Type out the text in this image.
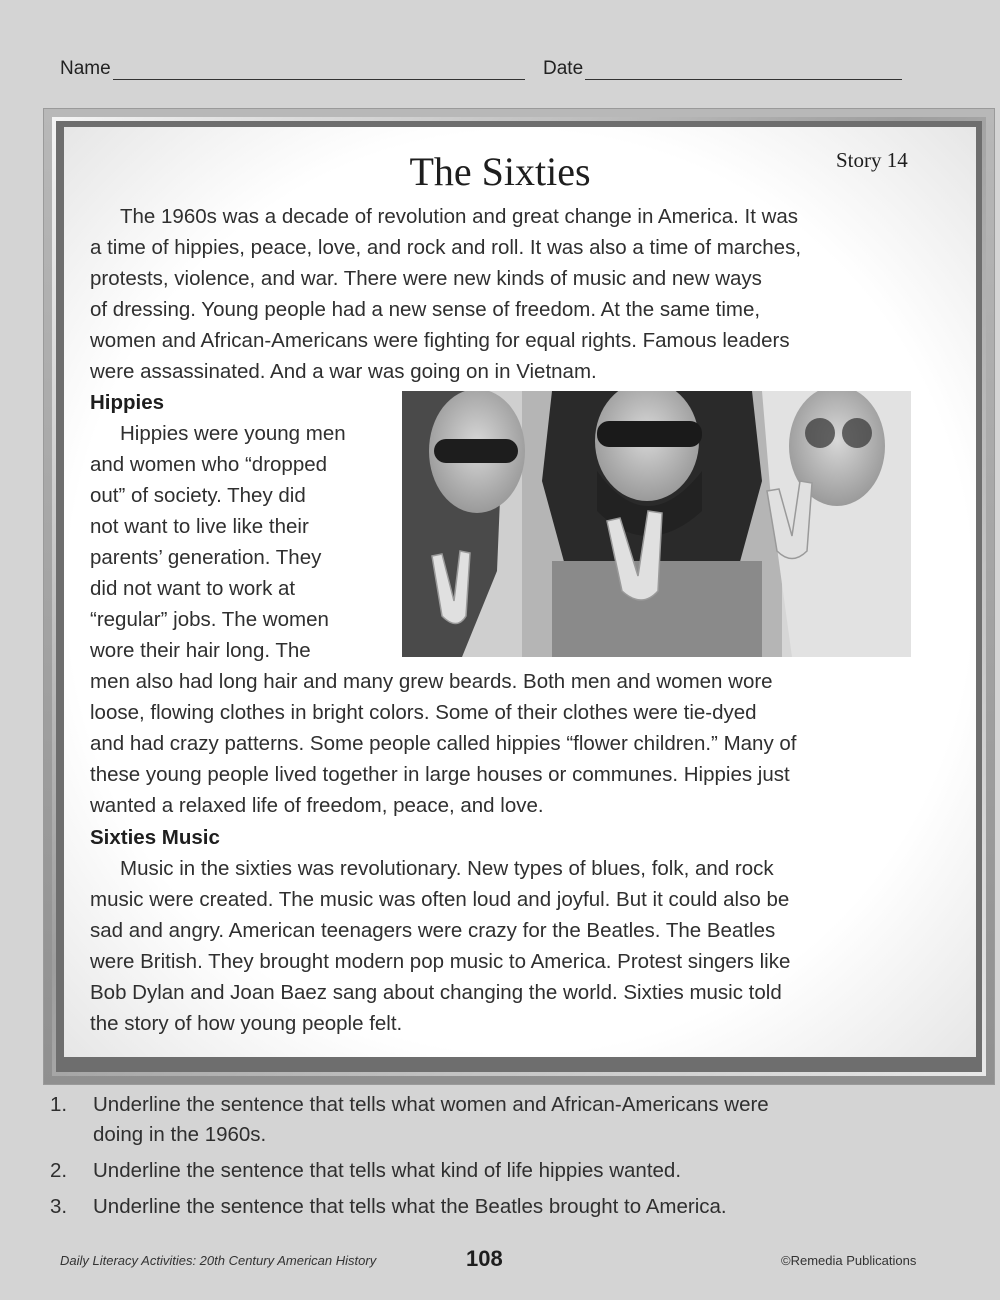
Name	Date
The Sixties	Story 14
The 1960s was a decade of revolution and great change in America. It was
a time of hippies, peace, love, and rock and roll. It was also a time of marches,
protests, violence, and war. There were new kinds of music and new ways
of dressing. Young people had a new sense of freedom. At the same time,
women and African-Americans were fighting for equal rights. Famous leaders
were assassinated. And a war was going on in Vietnam.
Hippies
Hippies were young men
and women who “dropped
out” of society. They did
not want to live like their
parents’ generation. They
did not want to work at
“regular” jobs. The women
wore their hair long. The
men also had long hair and many grew beards. Both men and women wore
loose, flowing clothes in bright colors. Some of their clothes were tie-dyed
and had crazy patterns. Some people called hippies “flower children.” Many of
these young people lived together in large houses or communes. Hippies just
wanted a relaxed life of freedom, peace, and love.
Sixties Music
Music in the sixties was revolutionary. New types of blues, folk, and rock
music were created. The music was often loud and joyful. But it could also be
sad and angry. American teenagers were crazy for the Beatles. The Beatles
were British. They brought modern pop music to America. Protest singers like
Bob Dylan and Joan Baez sang about changing the world. Sixties music told
the story of how young people felt.
1. Underline the sentence that tells what women and African-Americans were
doing in the 1960s.
2. Underline the sentence that tells what kind of life hippies wanted.
3. Underline the sentence that tells what the Beatles brought to America.
Daily Literacy Activities: 20th Century American History	108	©Remedia Publications
